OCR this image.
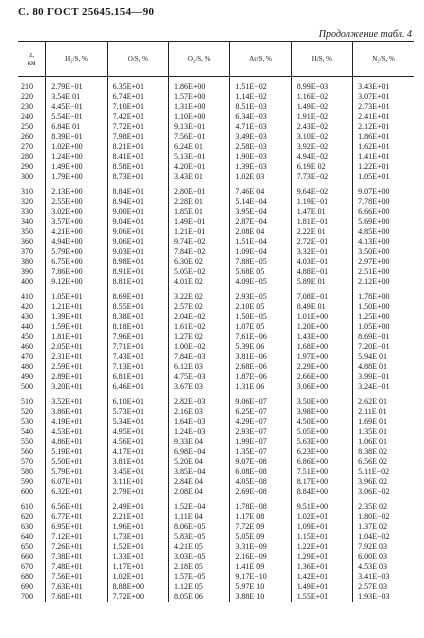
С. 80 ГОСТ 25645.154—90
Продолжение табл. 4
z,
км	H₂/S, %	O/S, %	O₂/S, %	Ar/S, %	H/S, %	N₂/S, %

210	2.79E−01	6.35E+01	1.86E+00	1.51E−02	8.99E−03	3.43E+01
220	3.54E 01	6.74E+01	1.57E+00	1.14E−02	1.16E−02	3.07E+01
230	4.45E−01	7.10E+01	1.31E+00	8.51E−03	1.49E−02	2.73E+01
240	5.54E−01	7.42E+01	1.10E+00	6.34E−03	1.91E−02	2.41E+01
250	6.84E 01	7.72E+01	9.13E−01	4.71E−03	2.43E−02	2.12E+01
260	8.39E−01	7.98E+01	7.56E−01	3.49E−03	3.10E−02	1.86E+01
270	1.02E+00	8.21E+01	6.24E 01	2.58E−03	3.92E−02	1.62E+01
280	1.24E+00	8.41E+01	5.13E−01	1.90E−03	4.94E−02	1.41E+01
290	1.49E+00	8.58E+01	4.20E−01	1.39E−03	6.19E 02	1.22E+01
300	1.79E+00	8.73E+01	3.43E 01	1.02E 03	7.73E−02	1.05E+01

310	2.13E+00	8.84E+01	2.80E−01	7.46E 04	9.64E−02	9.07E+00
320	2.55E+00	8.94E+01	2.28E 01	5.14E−04	1.19E−01	7.78E+00
330	3.02E+00	9.00E+01	1.85E 01	3.95E−04	1.47E 01	6.66E+00
340	3.57E+00	9.04E+01	1.49E−01	2.87E−04	1.81E−01	5.69E+00
350	4.21E+00	9.06E+01	1.21E−01	2.08E 04	2.22E 01	4.85E+00
360	4.94E+00	9.06E+01	9.74E−02	1.51E−04	2.72E−01	4.13E+00
370	5.79E+00	9.03E+01	7.84E−02	1.09E−04	3.32E−01	3.50E+00
380	6.75E+00	8.98E+01	6.30E 02	7.88E−05	4.03E−01	2.97E+00
390	7.86E+00	8.91E+01	5.05E−02	5.68E 05	4.88E−01	2.51E+00
400	9.12E+00	8.81E+01	4.01E 02	4.09E−05	5.89E 01	2.12E+00

410	1.05E+01	8.69E+01	3.22E 02	2.93E−05	7.08E−01	1.78E+00
420	1.21E+01	8.55E+01	2.57E 02	2.10E 05	8.49E 01	1.50E+00
430	1.39E+01	8.38E+01	2.04E−02	1.50E−05	1.01E+00	1.25E+00
440	1.59E+01	8.18E+01	1.61E−02	1.07E 05	1.20E+00	1.05E+00
450	1.81E+01	7.96E+01	1.27E 02	7.61E−06	1.43E+00	8.69E−01
460	2.05E+01	7.71E+01	1.00E−02	5.39E 06	1.68E+00	7.20E−01
470	2.31E+01	7.43E+01	7.84E−03	3.81E−06	1.97E+00	5.94E 01
480	2.59E+01	7.13E+01	6.12E 03	2.68E−06	2.29E+00	4.88E 01
490	2.89E+01	6.81E+01	4.75E−03	1.87E−06	2.66E+00	3.99E−01
500	3.20E+01	6.46E+01	3.67E 03	1.31E 06	3.06E+00	3.24E−01

510	3.52E+01	6.10E+01	2.82E−03	9.06E−07	3.50E+00	2.62E 01
520	3.86E+01	5.73E+01	2.16E 03	6.25E−07	3.98E+00	2.11E 01
530	4.19E+01	5.34E+01	1.64E−03	4.29E−07	4.50E+00	1.69E 01
540	4.53E+01	4.95E+01	1.24E−03	2.93E−07	5.05E+00	1.35E 01
550	4.86E+01	4.56E+01	9.33E 04	1.99E−07	5.63E+00	1.06E 01
560	5.19E+01	4.17E+01	6.98E−04	1.35E−07	6.23E+00	8.38E 02
570	5.50E+01	3.81E+01	5.20E 04	9.07E−08	6.86E+00	6.56E 02
580	5.79E+01	3.45E+01	3.85E−04	6.08E−08	7.51E+00	5.11E−02
590	6.07E+01	3.11E+01	2.84E 04	4.05E−08	8.17E+00	3.96E 02
600	6.32E+01	2.79E+01	2.08E 04	2.69E−08	8.84E+00	3.06E−02

610	6.56E+01	2.49E+01	1.52E−04	1.78E−08	9.51E+00	2.35E 02
620	6.77E+01	2.21E+01	1.11E 04	1.17E 08	1.02E+01	1.80E−02
630	6.95E+01	1.96E+01	8.06E−05	7.72E 09	1.09E+01	1.37E 02
640	7.12E+01	1.73E+01	5.83E−05	5.05E 09	1.15E+01	1.04E−02
650	7.26E+01	1.52E+01	4.21E 05	3.31E−09	1.22E+01	7.92E 03
660	7.38E+01	1.33E+01	3.03E−05	2.16E−09	1.29E+01	6.00E 03
670	7.48E+01	1.17E+01	2.18E 05	1.41E 09	1.36E+01	4.53E 03
680	7.56E+01	1.02E+01	1.57E−05	9.17E−10	1.42E+01	3.41E−03
690	7.63E+01	8.88E+00	1.12E 05	5.97E 10	1.49E+01	2.57E 03
700	7.68E+01	7.72E+00	8.05E 06	3.88E 10	1.55E+01	1.93E−03
